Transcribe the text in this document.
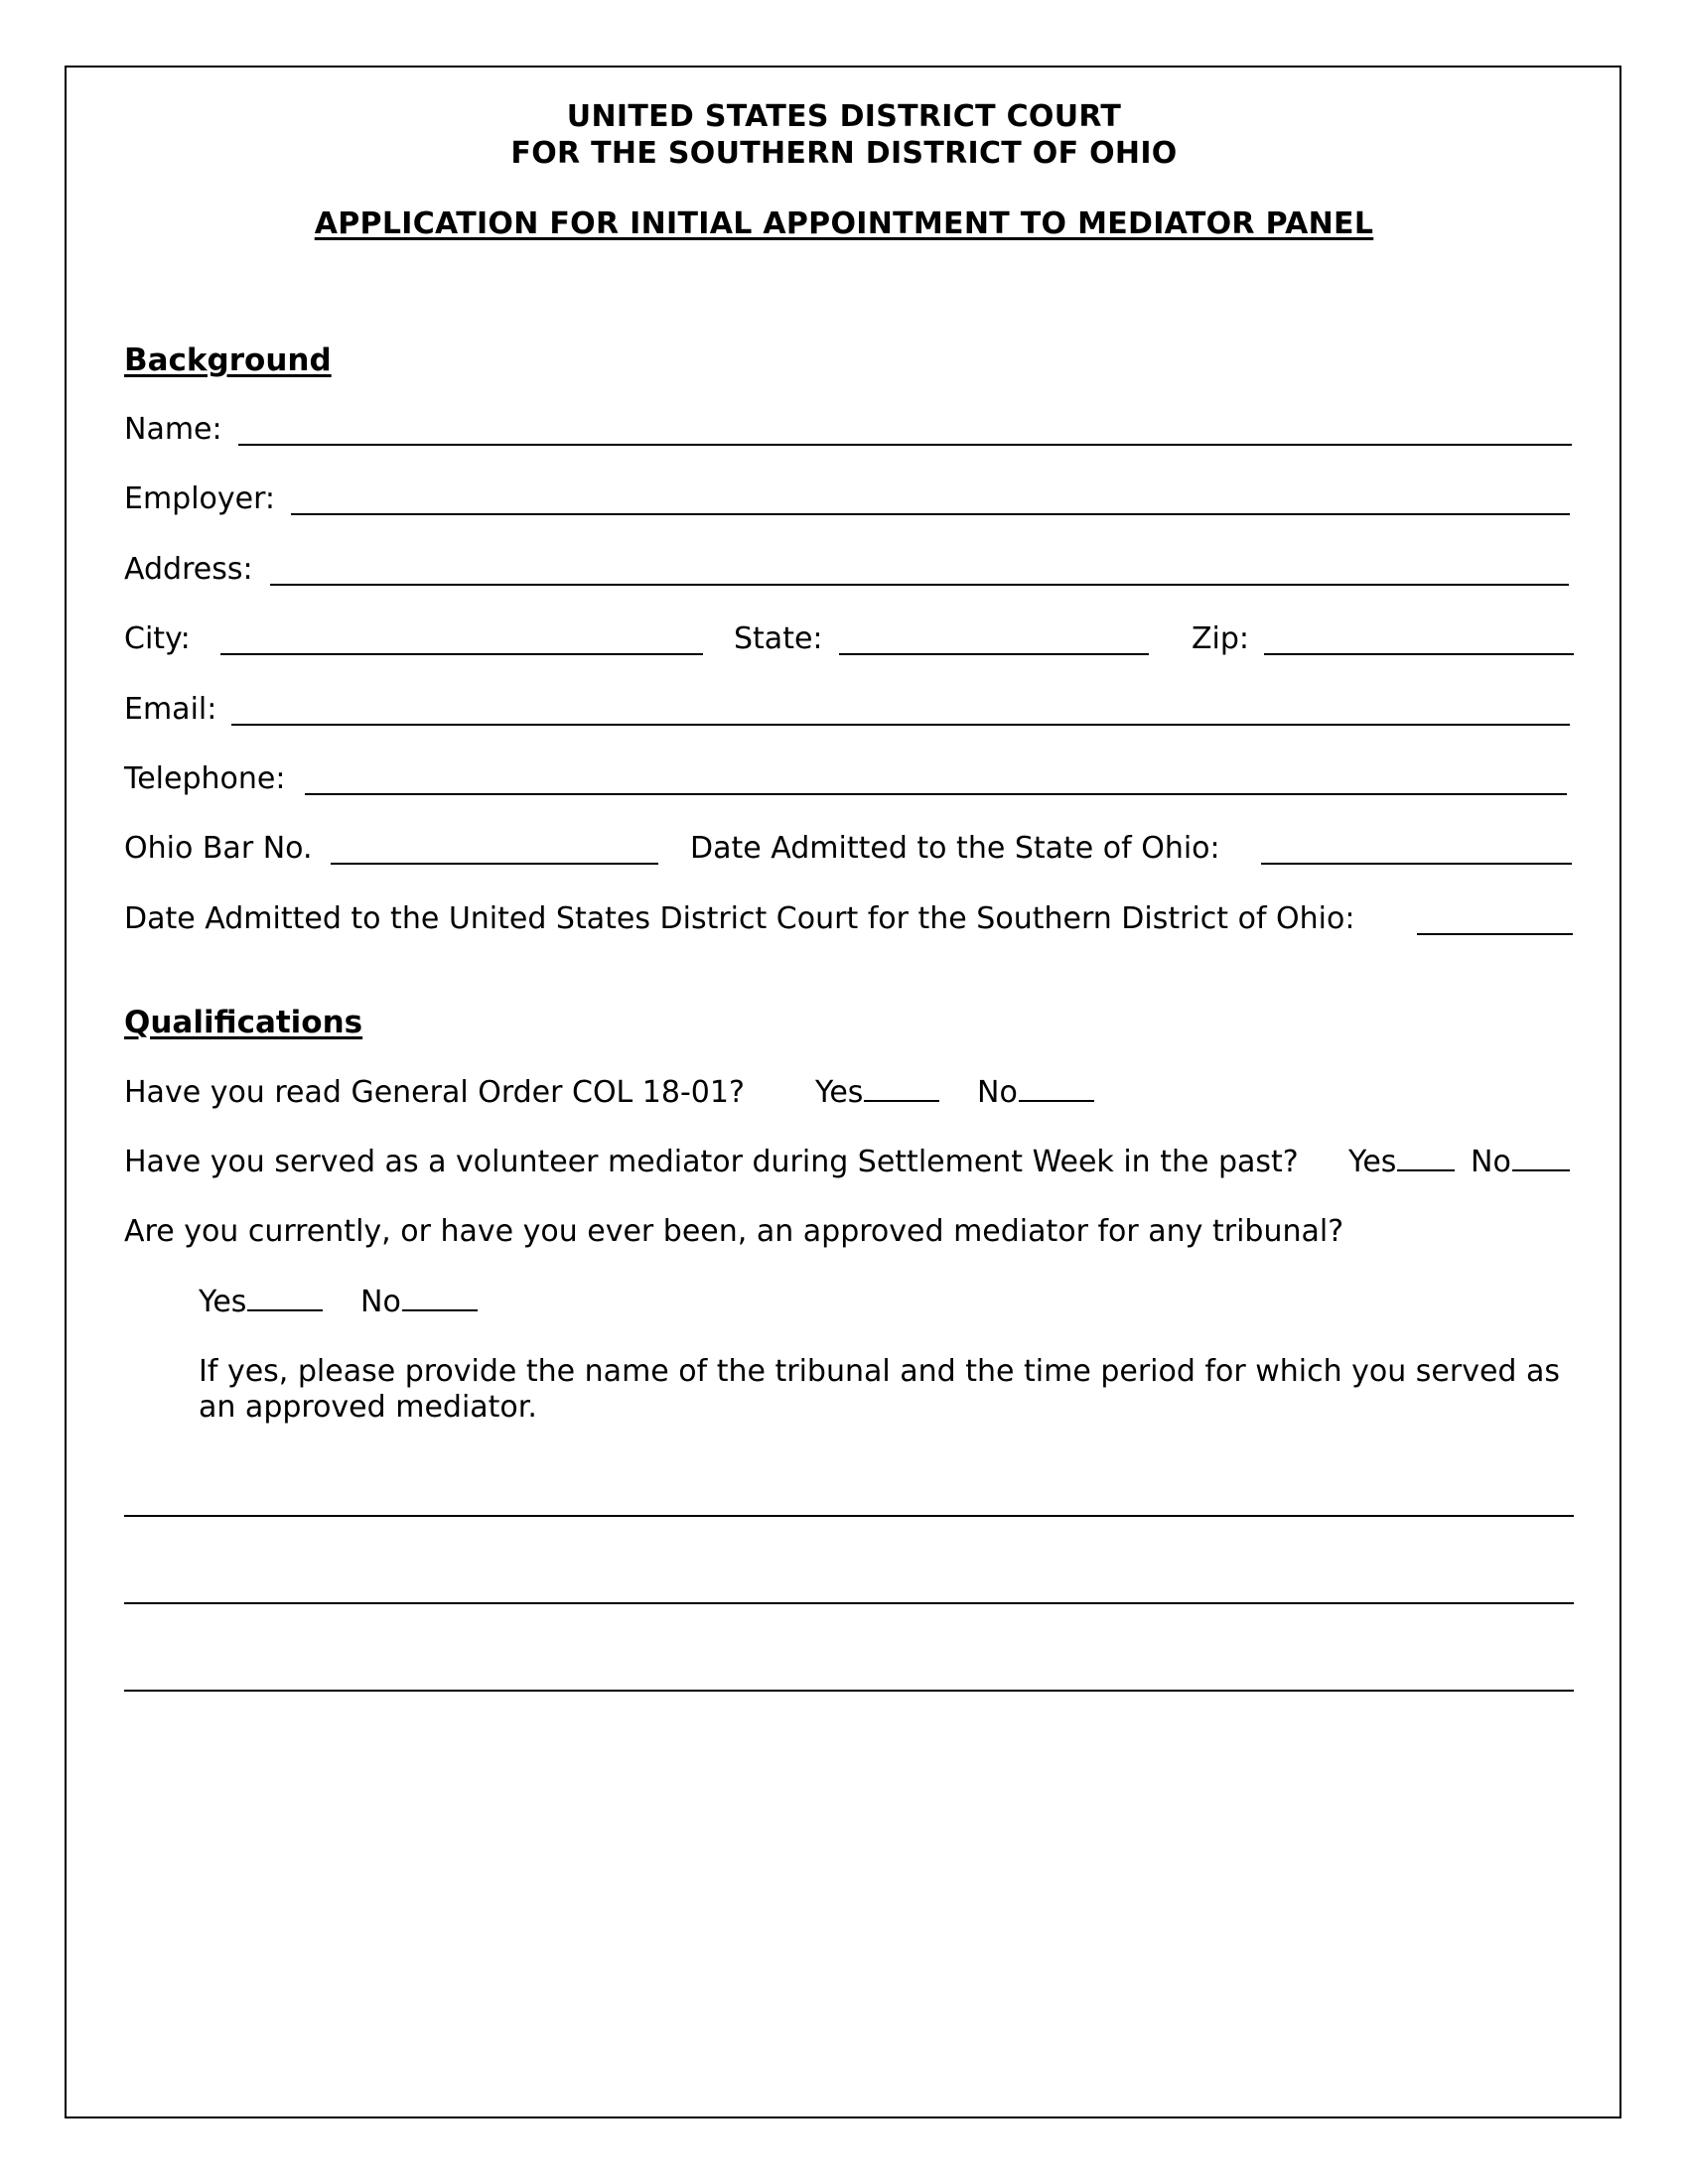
UNITED STATES DISTRICT COURT
FOR THE SOUTHERN DISTRICT OF OHIO
APPLICATION FOR INITIAL APPOINTMENT TO MEDIATOR PANEL
Background
Name:
Employer:
Address:
City:	State:	Zip:
Email:
Telephone:
Ohio Bar No.	Date Admitted to the State of Ohio:
Date Admitted to the United States District Court for the Southern District of Ohio:
Qualifications
Have you read General Order COL 18-01? Yes	No
Have you served as a volunteer mediator during Settlement Week in the past? Yes	No
Are you currently, or have you ever been, an approved mediator for any tribunal?
Yes	No
If yes, please provide the name of the tribunal and the time period for which you served as an approved mediator.
